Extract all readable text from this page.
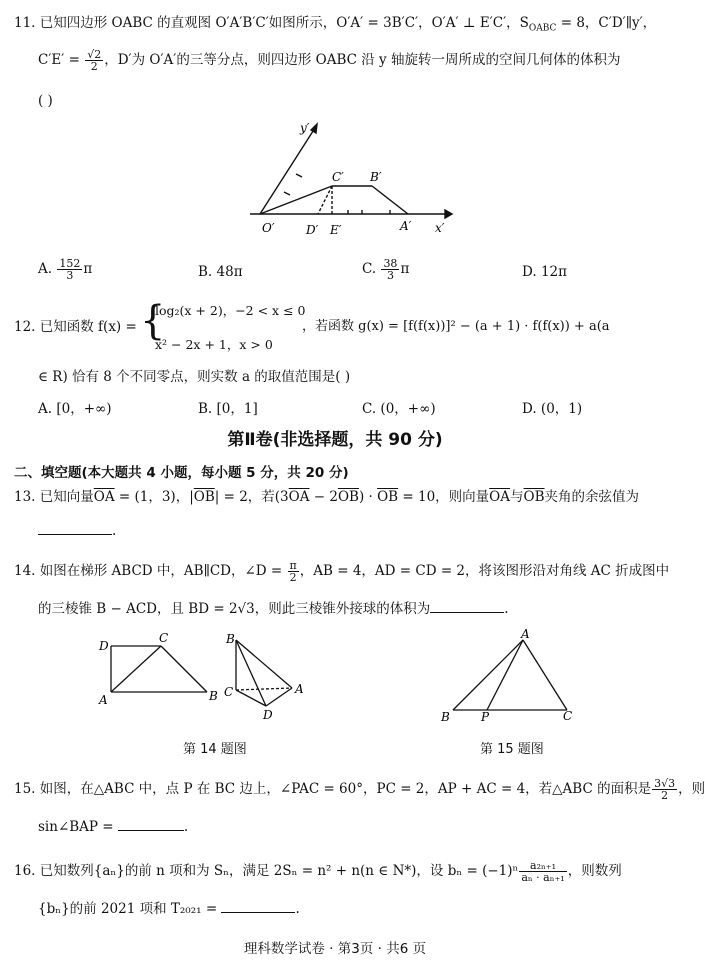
11. 已知四边形 OABC 的直观图 O′A′B′C′如图所示，O′A′ = 3B′C′，O′A′ ⊥ E′C′，$S_{OABC} = 8$，C′D′∥y′，
$C'E' = \frac{√2}{2}$ ，D′为 O′A′的三等分点，则四边形 OABC 沿 y 轴旋转一周所成的空间几何体的体积为
( )
y′
x′
O′	D′ E′	A′
C′ B′
A. $\frac{152}{3}$ π	B. 48π	C. $\frac{38}{3}$ π	D. 12π
12. 已知函数 f(x) = {
log₂(x + 2)，−2 < x ≤ 0
x² − 2x + 1，x > 0
，若函数 g(x) = [f(f(x))]² − (a + 1) · f(f(x)) + a(a
∈ R) 恰有 8 个不同零点，则实数 a 的取值范围是( )
A. [0，+∞)	B. [0，1]	C. (0，+∞)	D. (0，1)
第Ⅱ卷(非选择题，共 90 分)
二、填空题(本大题共 4 小题，每小题 5 分，共 20 分)
13. 已知向量$\overline{OA} = (1$，3)，$|\overline{OB}| = 2$，若$(3\overline{OA} - 2\overline{OB}) \cdot \overline{OB} = 10$，则向量$\overline{OA}$与$\overline{OB}$夹角的余弦值为
.
14. 如图在梯形 ABCD 中，AB∥CD，∠D = $\frac{\pi}{2}$ ，AB = 4，AD = CD = 2，将该图形沿对角线 AC 折成图中
的三棱锥 B − ACD，且 BD = 2√3，则此三棱锥外接球的体积为	.
D
C
A	B
B
C	A
D
A
B	P	C
第 14 题图	第 15 题图
15. 如图，在△ABC 中，点 P 在 BC 边上，∠PAC = 60°，PC = 2，AP + AC = 4，若△ABC 的面积是 $\frac{3√3}{2}$ ，则
sin∠BAP =	.
16. 已知数列{aₙ}的前 n 项和为 Sₙ，满足 2Sₙ = n² + n(n ∈ N*)，设 $b_n = (-1)^n \frac{\text{a₂ₙ₊₁}}{\text{aₙ · aₙ₊₁}}$ ，则数列
{bₙ}的前 2021 项和 T₂₀₂₁ =	.
理科数学试卷 · 第3页 · 共6 页
